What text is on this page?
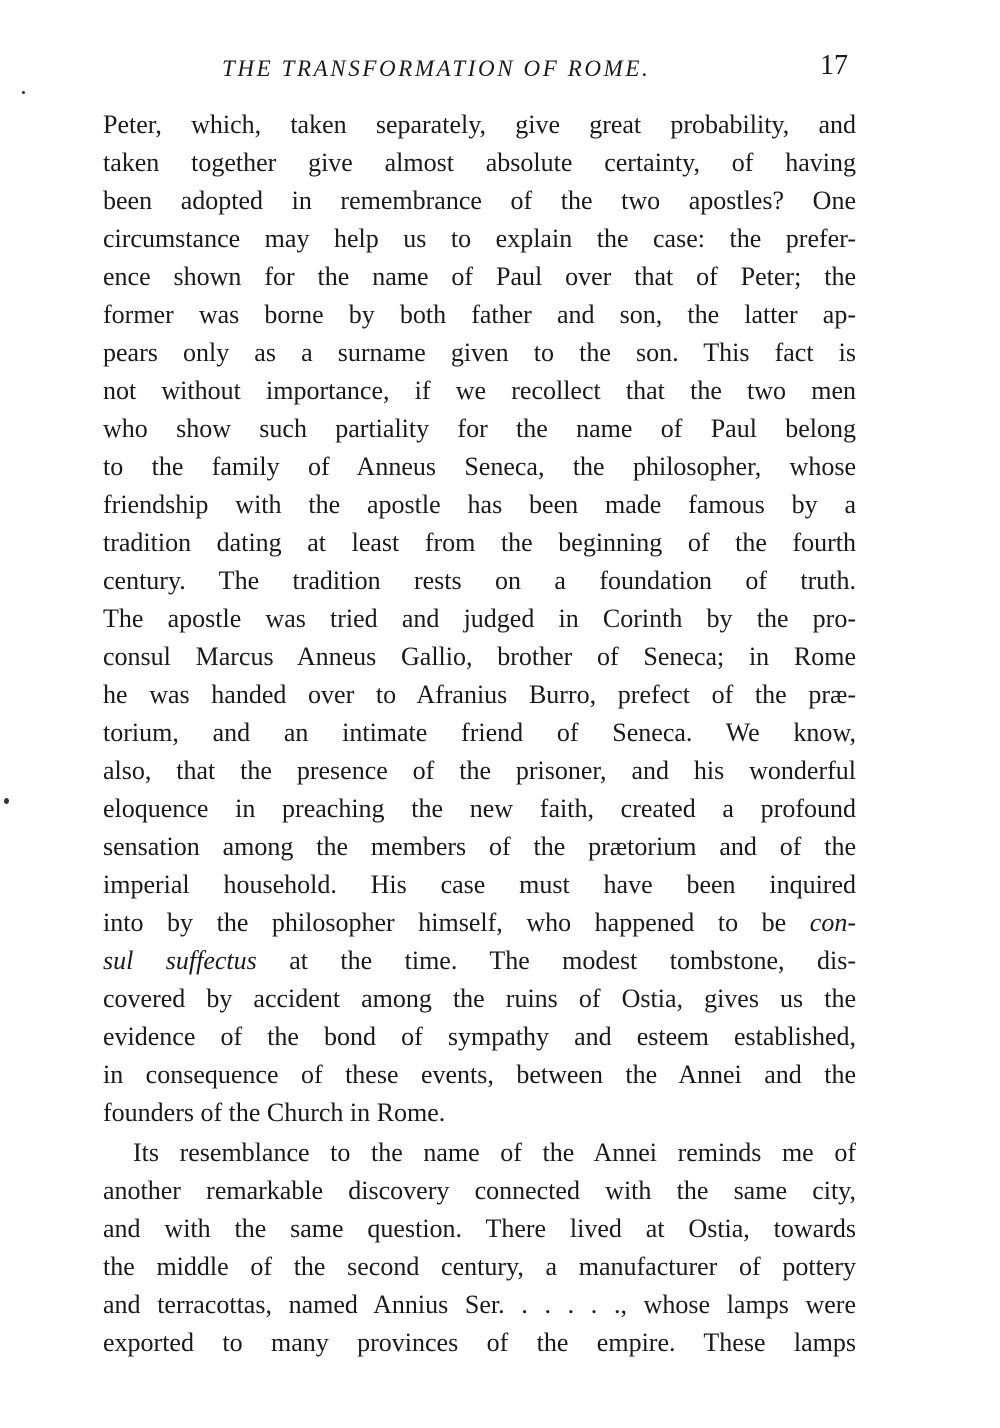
THE TRANSFORMATION OF ROME.	17
Peter, which, taken separately, give great probability, and
taken together give almost absolute certainty, of having
been adopted in remembrance of the two apostles? One
circumstance may help us to explain the case: the prefer-
ence shown for the name of Paul over that of Peter; the
former was borne by both father and son, the latter ap-
pears only as a surname given to the son. This fact is
not without importance, if we recollect that the two men
who show such partiality for the name of Paul belong
to the family of Anneus Seneca, the philosopher, whose
friendship with the apostle has been made famous by a
tradition dating at least from the beginning of the fourth
century. The tradition rests on a foundation of truth.
The apostle was tried and judged in Corinth by the pro-
consul Marcus Anneus Gallio, brother of Seneca; in Rome
he was handed over to Afranius Burro, prefect of the præ-
torium, and an intimate friend of Seneca. We know,
also, that the presence of the prisoner, and his wonderful
eloquence in preaching the new faith, created a profound
sensation among the members of the prætorium and of the
imperial household. His case must have been inquired
into by the philosopher himself, who happened to be con-
sul suffectus at the time. The modest tombstone, dis-
covered by accident among the ruins of Ostia, gives us the
evidence of the bond of sympathy and esteem established,
in consequence of these events, between the Annei and the
founders of the Church in Rome.
Its resemblance to the name of the Annei reminds me of
another remarkable discovery connected with the same city,
and with the same question. There lived at Ostia, towards
the middle of the second century, a manufacturer of pottery
and terracottas, named Annius Ser. . . . . ., whose lamps were
exported to many provinces of the empire. These lamps
